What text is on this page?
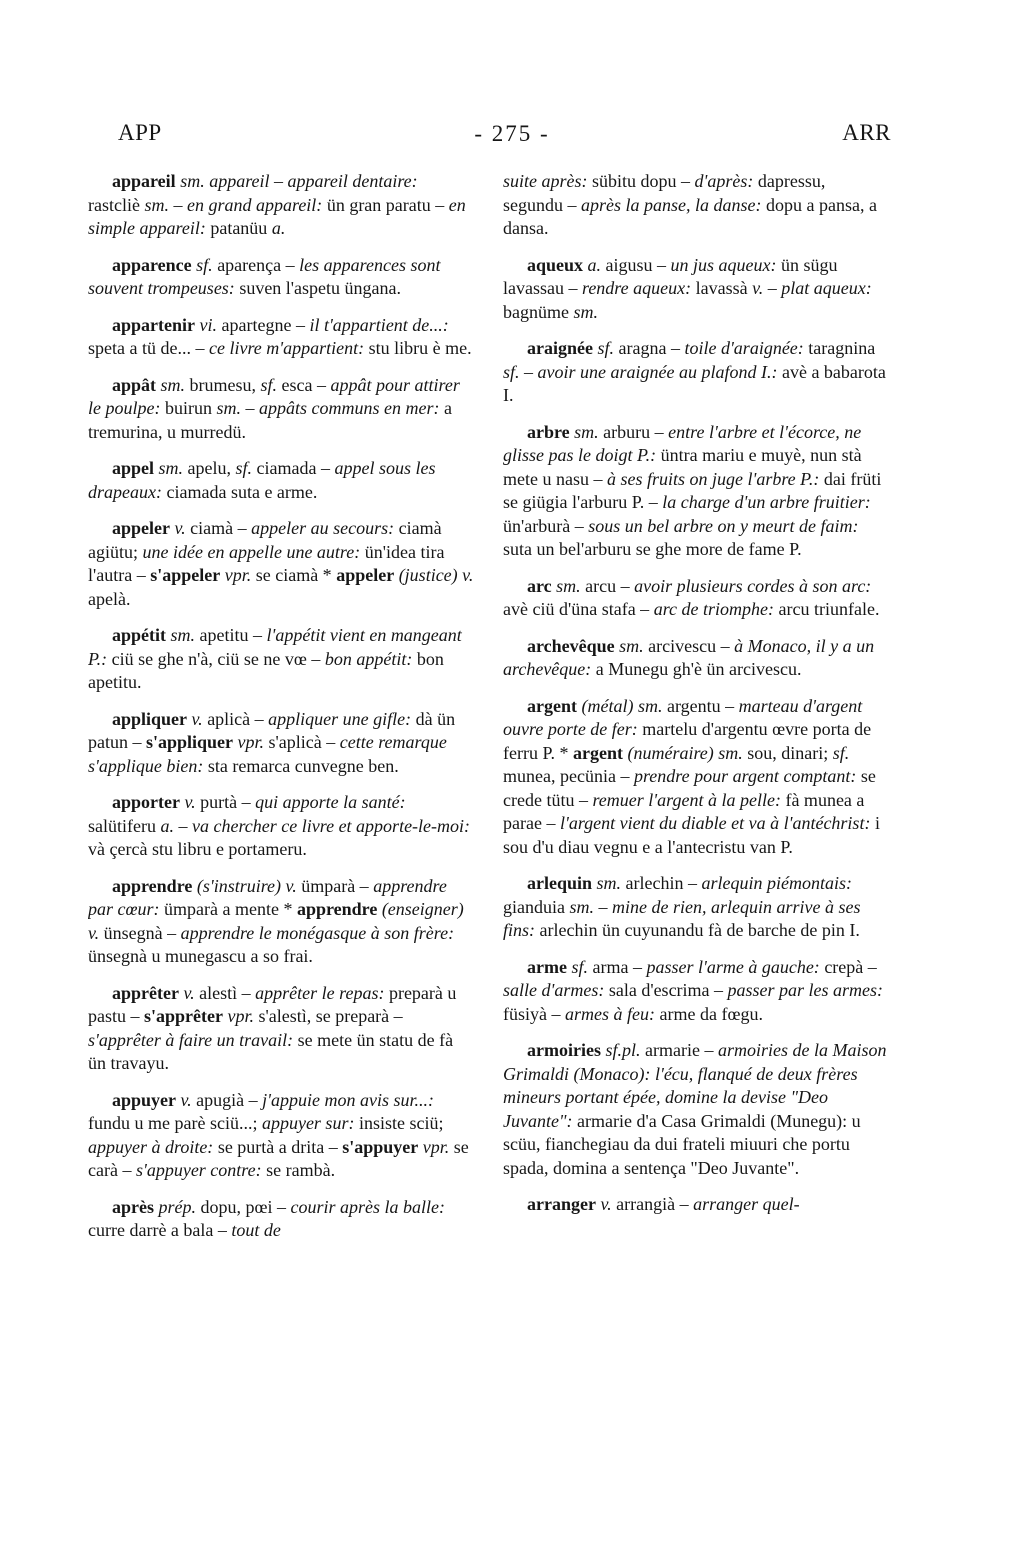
- 275 -
APP	ARR

appareil sm. appareil – appareil dentaire: rastcliè sm. – en grand appareil: ün gran paratu – en simple appareil: patanüu a.

apparence sf. aparença – les apparences sont souvent trompeuses: suven l'aspetu üngana.

appartenir vi. apartegne – il t'appartient de...: speta a tü de... – ce livre m'appartient: stu libru è me.

appât sm. brumesu, sf. esca – appât pour attirer le poulpe: buirun sm. – appâts communs en mer: a tremurina, u murredü.

appel sm. apelu, sf. ciamada – appel sous les drapeaux: ciamada suta e arme.

appeler v. ciamà – appeler au secours: ciamà agiütu; une idée en appelle une autre: ün'idea tira l'autra – s'appeler vpr. se ciamà * appeler (justice) v. apelà.

appétit sm. apetitu – l'appétit vient en mangeant P.: ciü se ghe n'à, ciü se ne vœ – bon appétit: bon apetitu.

appliquer v. aplicà – appliquer une gifle: dà ün patun – s'appliquer vpr. s'aplicà – cette remarque s'applique bien: sta remarca cunvegne ben.

apporter v. purtà – qui apporte la santé: salütiferu a. – va chercher ce livre et apporte-le-moi: và çercà stu libru e portameru.

apprendre (s'instruire) v. ümparà – apprendre par cœur: ümparà a mente * apprendre (enseigner) v. ünsegnà – apprendre le monégasque à son frère: ünsegnà u munegascu a so frai.

apprêter v. alestì – apprêter le repas: preparà u pastu – s'apprêter vpr. s'alestì, se preparà – s'apprêter à faire un travail: se mete ün statu de fà ün travayu.

appuyer v. apugià – j'appuie mon avis sur...: fundu u me parè sciü...; appuyer sur: insiste sciü; appuyer à droite: se purtà a drita – s'appuyer vpr. se carà – s'appuyer contre: se rambà.

après prép. dopu, pœi – courir après la balle: curre darrè a bala – tout de

suite après: sübitu dopu – d'après: dapressu, segundu – après la panse, la danse: dopu a pansa, a dansa.

aqueux a. aigusu – un jus aqueux: ün sügu lavassau – rendre aqueux: lavassà v. – plat aqueux: bagnüme sm.

araignée sf. aragna – toile d'araignée: taragnina sf. – avoir une araignée au plafond I.: avè a babarota I.

arbre sm. arburu – entre l'arbre et l'écorce, ne glisse pas le doigt P.: üntra mariu e muyè, nun stà mete u nasu – à ses fruits on juge l'arbre P.: dai früti se giügia l'arburu P. – la charge d'un arbre fruitier: ün'arburà – sous un bel arbre on y meurt de faim: suta un bel'arburu se ghe more de fame P.

arc sm. arcu – avoir plusieurs cordes à son arc: avè ciü d'üna stafa – arc de triomphe: arcu triunfale.

archevêque sm. arcivescu – à Monaco, il y a un archevêque: a Munegu gh'è ün arcivescu.

argent (métal) sm. argentu – marteau d'argent ouvre porte de fer: martelu d'argentu œvre porta de ferru P. * argent (numéraire) sm. sou, dinari; sf. munea, pecünia – prendre pour argent comptant: se crede tütu – remuer l'argent à la pelle: fà munea a parae – l'argent vient du diable et va à l'antéchrist: i sou d'u diau vegnu e a l'antecristu van P.

arlequin sm. arlechin – arlequin piémontais: gianduia sm. – mine de rien, arlequin arrive à ses fins: arlechin ün cuyunandu fà de barche de pin I.

arme sf. arma – passer l'arme à gauche: crepà – salle d'armes: sala d'escrima – passer par les armes: füsiyà – armes à feu: arme da fœgu.

armoiries sf.pl. armarie – armoiries de la Maison Grimaldi (Monaco): l'écu, flanqué de deux frères mineurs portant épée, domine la devise "Deo Juvante": armarie d'a Casa Grimaldi (Munegu): u scüu, fianchegiau da dui frateli miuuri che portu spada, domina a sentença "Deo Juvante".

arranger v. arrangià – arranger quel-
